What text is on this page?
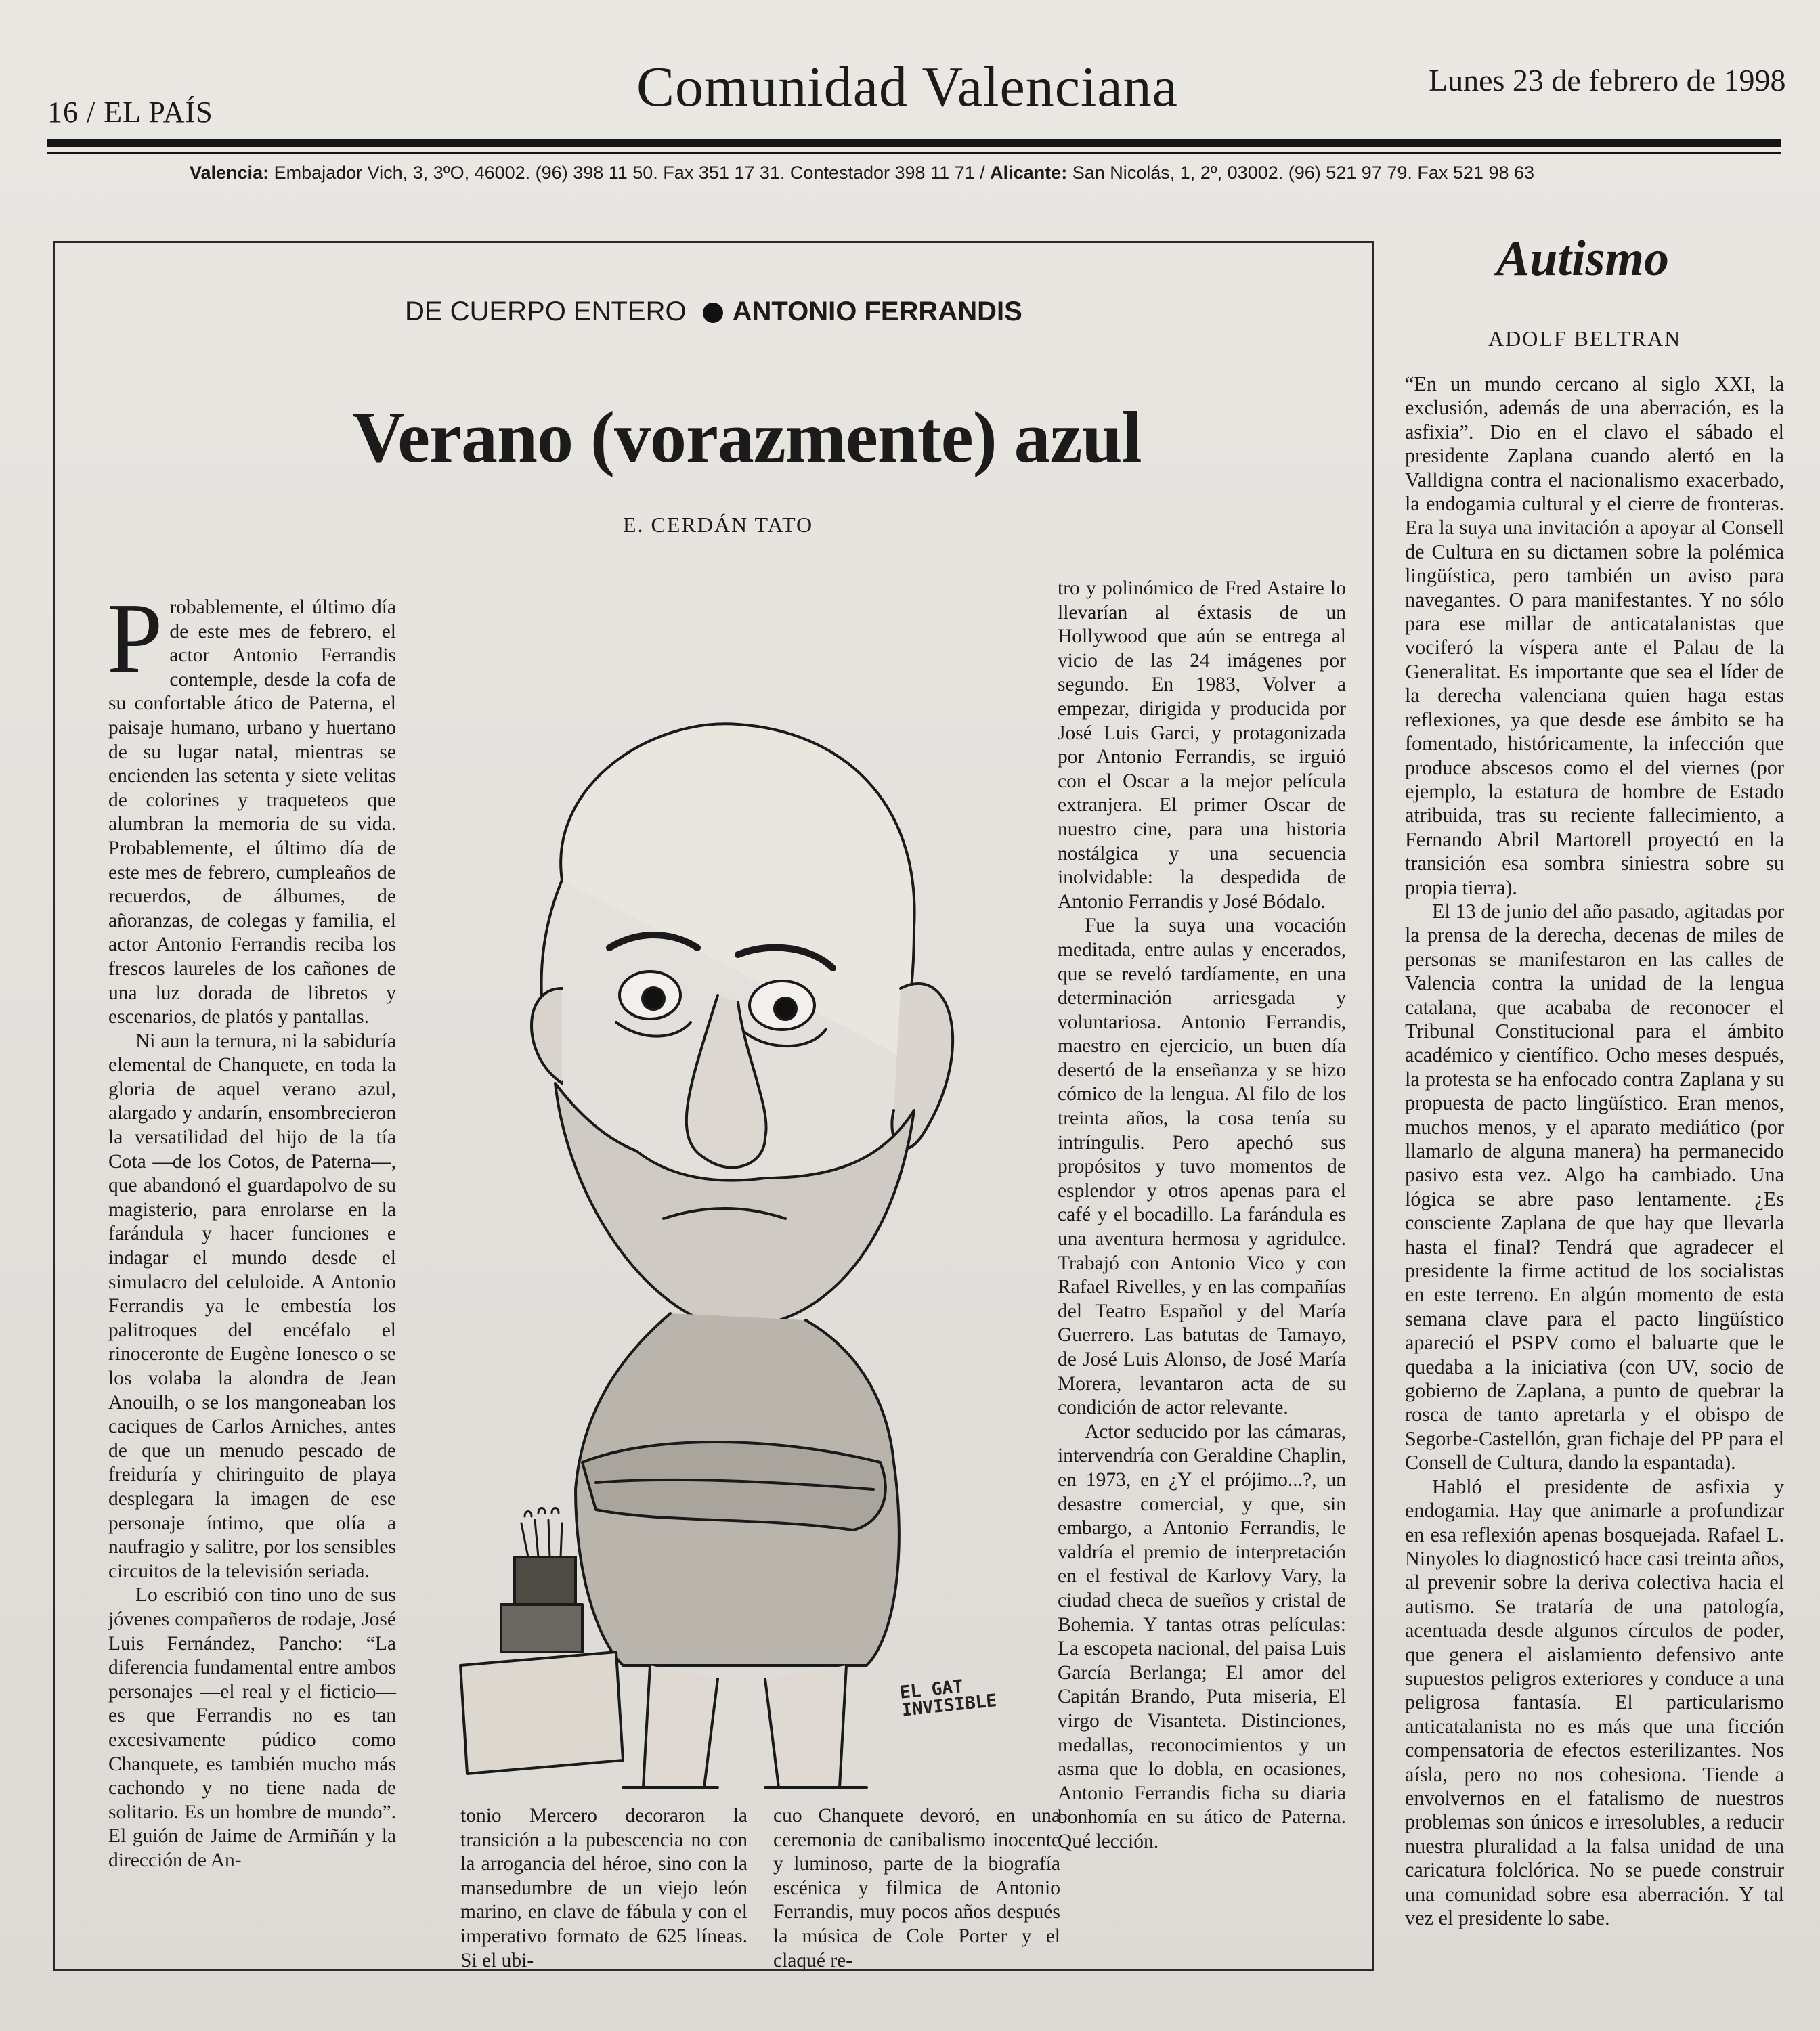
16 / EL PAÍS	Comunidad Valenciana	Lunes 23 de febrero de 1998
Valencia: Embajador Vich, 3, 3ºO, 46002. (96) 398 11 50. Fax 351 17 31. Contestador 398 11 71 / Alicante: San Nicolás, 1, 2º, 03002. (96) 521 97 79. Fax 521 98 63
DE CUERPO ENTERO ANTONIO FERRANDIS
Verano (vorazmente) azul
E. CERDÁN TATO

Probablemente, el último día de este mes de febrero, el actor Antonio Ferrandis contemple, desde la cofa de su confortable ático de Paterna, el paisaje humano, urbano y huertano de su lugar natal, mientras se encienden las setenta y siete velitas de colorines y traqueteos que alumbran la memoria de su vida. Probablemente, el último día de este mes de febrero, cumpleaños de recuerdos, de álbumes, de añoranzas, de colegas y familia, el actor Antonio Ferrandis reciba los frescos laureles de los cañones de una luz dorada de libretos y escenarios, de platós y pantallas.

Ni aun la ternura, ni la sabiduría elemental de Chanquete, en toda la gloria de aquel verano azul, alargado y andarín, ensombrecieron la versatilidad del hijo de la tía Cota —de los Cotos, de Paterna—, que abandonó el guardapolvo de su magisterio, para enrolarse en la farándula y hacer funciones e indagar el mundo desde el simulacro del celuloide. A Antonio Ferrandis ya le embestía los palitroques del encéfalo el rinoceronte de Eugène Ionesco o se los volaba la alondra de Jean Anouilh, o se los mangoneaban los caciques de Carlos Arniches, antes de que un menudo pescado de freiduría y chiringuito de playa desplegara la imagen de ese personaje íntimo, que olía a naufragio y salitre, por los sensibles circuitos de la televisión seriada.

Lo escribió con tino uno de sus jóvenes compañeros de rodaje, José Luis Fernández, Pancho: “La diferencia fundamental entre ambos personajes —el real y el ficticio— es que Ferrandis no es tan excesivamente púdico como Chanquete, es también mucho más cachondo y no tiene nada de solitario. Es un hombre de mundo”. El guión de Jaime de Armiñán y la dirección de An-

tonio Mercero decoraron la transición a la pubescencia no con la arrogancia del héroe, sino con la mansedumbre de un viejo león marino, en clave de fábula y con el imperativo formato de 625 líneas. Si el ubi-

cuo Chanquete devoró, en una ceremonia de canibalismo inocente y luminoso, parte de la biografía escénica y filmica de Antonio Ferrandis, muy pocos años después la música de Cole Porter y el claqué re-

tro y polinómico de Fred Astaire lo llevarían al éxtasis de un Hollywood que aún se entrega al vicio de las 24 imágenes por segundo. En 1983, Volver a empezar, dirigida y producida por José Luis Garci, y protagonizada por Antonio Ferrandis, se irguió con el Oscar a la mejor película extranjera. El primer Oscar de nuestro cine, para una historia nostálgica y una secuencia inolvidable: la despedida de Antonio Ferrandis y José Bódalo.

Fue la suya una vocación meditada, entre aulas y encerados, que se reveló tardíamente, en una determinación arriesgada y voluntariosa. Antonio Ferrandis, maestro en ejercicio, un buen día desertó de la enseñanza y se hizo cómico de la lengua. Al filo de los treinta años, la cosa tenía su intríngulis. Pero apechó sus propósitos y tuvo momentos de esplendor y otros apenas para el café y el bocadillo. La farándula es una aventura hermosa y agridulce. Trabajó con Antonio Vico y con Rafael Rivelles, y en las compañías del Teatro Español y del María Guerrero. Las batutas de Tamayo, de José Luis Alonso, de José María Morera, levantaron acta de su condición de actor relevante.

Actor seducido por las cámaras, intervendría con Geraldine Chaplin, en 1973, en ¿Y el prójimo...?, un desastre comercial, y que, sin embargo, a Antonio Ferrandis, le valdría el premio de interpretación en el festival de Karlovy Vary, la ciudad checa de sueños y cristal de Bohemia. Y tantas otras películas: La escopeta nacional, del paisa Luis García Berlanga; El amor del Capitán Brando, Puta miseria, El virgo de Visanteta. Distinciones, medallas, reconocimientos y un asma que lo dobla, en ocasiones, Antonio Ferrandis ficha su diaria bonhomía en su ático de Paterna. Qué lección.

EL GAT INVISIBLE
Autismo
ADOLF BELTRAN

“En un mundo cercano al siglo XXI, la exclusión, además de una aberración, es la asfixia”. Dio en el clavo el sábado el presidente Zaplana cuando alertó en la Valldigna contra el nacionalismo exacerbado, la endogamia cultural y el cierre de fronteras. Era la suya una invitación a apoyar al Consell de Cultura en su dictamen sobre la polémica lingüística, pero también un aviso para navegantes. O para manifestantes. Y no sólo para ese millar de anticatalanistas que vociferó la víspera ante el Palau de la Generalitat. Es importante que sea el líder de la derecha valenciana quien haga estas reflexiones, ya que desde ese ámbito se ha fomentado, históricamente, la infección que produce abscesos como el del viernes (por ejemplo, la estatura de hombre de Estado atribuida, tras su reciente fallecimiento, a Fernando Abril Martorell proyectó en la transición esa sombra siniestra sobre su propia tierra).

El 13 de junio del año pasado, agitadas por la prensa de la derecha, decenas de miles de personas se manifestaron en las calles de Valencia contra la unidad de la lengua catalana, que acababa de reconocer el Tribunal Constitucional para el ámbito académico y científico. Ocho meses después, la protesta se ha enfocado contra Zaplana y su propuesta de pacto lingüístico. Eran menos, muchos menos, y el aparato mediático (por llamarlo de alguna manera) ha permanecido pasivo esta vez. Algo ha cambiado. Una lógica se abre paso lentamente. ¿Es consciente Zaplana de que hay que llevarla hasta el final? Tendrá que agradecer el presidente la firme actitud de los socialistas en este terreno. En algún momento de esta semana clave para el pacto lingüístico apareció el PSPV como el baluarte que le quedaba a la iniciativa (con UV, socio de gobierno de Zaplana, a punto de quebrar la rosca de tanto apretarla y el obispo de Segorbe-Castellón, gran fichaje del PP para el Consell de Cultura, dando la espantada).

Habló el presidente de asfixia y endogamia. Hay que animarle a profundizar en esa reflexión apenas bosquejada. Rafael L. Ninyoles lo diagnosticó hace casi treinta años, al prevenir sobre la deriva colectiva hacia el autismo. Se trataría de una patología, acentuada desde algunos círculos de poder, que genera el aislamiento defensivo ante supuestos peligros exteriores y conduce a una peligrosa fantasía. El particularismo anticatalanista no es más que una ficción compensatoria de efectos esterilizantes. Nos aísla, pero no nos cohesiona. Tiende a envolvernos en el fatalismo de nuestros problemas son únicos e irresolubles, a reducir nuestra pluralidad a la falsa unidad de una caricatura folclórica. No se puede construir una comunidad sobre esa aberración. Y tal vez el presidente lo sabe.
